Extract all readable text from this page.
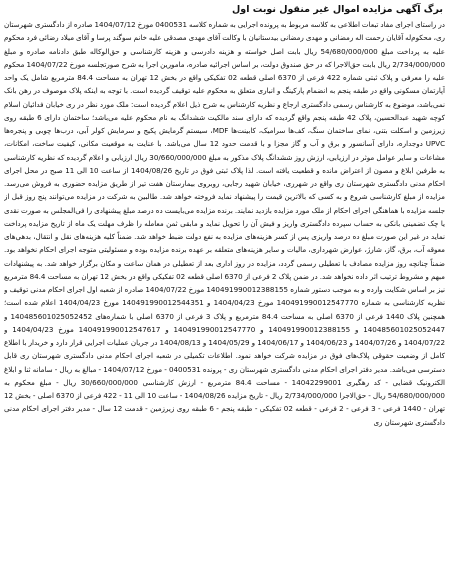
برگ آگهی مزایده اموال غیر منقول نوبت اول
در راستای اجرای مفاد تبعات اطلاعی به کلاسه مربوط به پرونده اجرایی به شماره کلاسه 0400531 مورخ 1404/07/12 صادره از دادگستری شهرستان ری، محکوم‌له آقایان رحمت اله رمضانی و مهدی رمضانی بیدستانیان با وکالت آقای مهدی مصدقی علیه خانم سوگند پرسا و آقای میلاد رضائی فرد محکوم علیه به پرداخت مبلغ 54/680/000/000 ریال بابت اصل خواسته و هزینه دادرسی و هزینه کارشناسی و حق‌الوکاله طبق دادنامه صادره و مبلغ 2/734/000/000 ریال بابت حق‌الاجرا که در حق صندوق دولت، بر اساس اجرائیه صادره، مامورین اجرا به شرح صورتجلسه مورخ 1404/07/22 محکوم علیه را معرفی و پلاک ثبتی شماره 422 فرعی از 6370 اصلی قطعه 02 تفکیکی واقع در بخش 12 تهران به مساحت 84.4 مترمربع شامل یک واحد آپارتمان مسکونی واقع در طبقه پنجم به انضمام پارکینگ و انباری متعلق به محکوم علیه توقیف گردیده است. با توجه به اینکه پلاک موصوف در رهن بانک نمی‌باشد، موضوع به کارشناس رسمی دادگستری ارجاع و نظریه کارشناس به شرح ذیل اعلام گردیده است: ملک مورد نظر در ری خیابان فدائیان اسلام کوچه شهید عبدالحسین، پلاک 42 طبقه پنجم واقع گردیده که دارای سند مالکیت ششدانگ به نام محکوم علیه می‌باشد؛ ساختمان دارای 6 طبقه روی زیرزمین و اسکلت بتنی، نمای ساختمان سنگ، کف‌ها سرامیک، کابینت‌ها MDF، سیستم گرمایش پکیج و سرمایش کولر آبی، درب‌ها چوبی و پنجره‌ها UPVC دوجداره، دارای آسانسور و برق و آب و گاز مجزا و با قدمت حدود 12 سال می‌باشد. با عنایت به موقعیت مکانی، کیفیت ساخت، امکانات، مشاعات و سایر عوامل موثر در ارزیابی، ارزش روز ششدانگ پلاک مذکور به مبلغ 30/660/000/000 ریال ارزیابی و اعلام گردیده که نظریه کارشناسی به طرفین ابلاغ و مصون از اعتراض مانده و قطعیت یافته است. لذا پلاک ثبتی فوق در تاریخ 1404/08/26 از ساعت 10 الی 11 صبح در محل اجرای احکام مدنی دادگستری شهرستان ری واقع در شهرری، خیابان شهید رجایی، روبروی بیمارستان هفت تیر از طریق مزایده حضوری به فروش می‌رسد. مزایده از مبلغ کارشناسی شروع و به کسی که بالاترین قیمت را پیشنهاد نماید فروخته خواهد شد. طالبین به شرکت در مزایده می‌توانند پنج روز قبل از جلسه مزایده با هماهنگی اجرای احکام از ملک مورد مزایده بازدید نمایند. برنده مزایده می‌بایست ده درصد مبلغ پیشنهادی را فی‌المجلس به صورت نقدی یا چک تضمینی بانکی به حساب سپرده دادگستری واریز و فیش آن را تحویل نماید و مابقی ثمن معامله را ظرف مهلت یک ماه از تاریخ مزایده پرداخت نماید در غیر این صورت مبلغ ده درصد واریزی پس از کسر هزینه‌های مزایده به نفع دولت ضبط خواهد شد. ضمناً کلیه هزینه‌های نقل و انتقال، بدهی‌های معوقه آب، برق، گاز، شارژ، عوارض شهرداری، مالیات و سایر هزینه‌های متعلقه بر عهده برنده مزایده بوده و مسئولیتی متوجه اجرای احکام نخواهد بود. ضمناً چنانچه روز مزایده مصادف با تعطیلی رسمی گردد، مزایده در روز اداری بعد از تعطیلی در همان ساعت و مکان برگزار خواهد شد. به پیشنهادات مبهم و مشروط ترتیب اثر داده نخواهد شد. در ضمن پلاک 2 فرعی از 6370 اصلی قطعه 02 تفکیکی واقع در بخش 12 تهران به مساحت 84.4 مترمربع نیز بر اساس شکایت وارده و به موجب دستور شماره 140491990012388155 مورخ 1404/07/22 صادره از شعبه اول اجرای احکام مدنی توقیف و نظریه کارشناسی به شماره 140491990012547770 مورخ 1404/04/23 و 140491990012544351 مورخ 1404/04/23 اعلام شده است؛ همچنین پلاک 1440 فرعی از 6370 اصلی به مساحت 84.4 مترمربع و پلاک 3 فرعی از 6370 اصلی با شماره‌های 140485601025052452 و 140485601025052447 و 140491990012388155 و 140491990012547770 و 140491990012547617 مورخ 1404/04/23 و 1404/07/22 و 1404/07/26 و 1404/06/23 و 1404/06/17 و 1404/05/29 و 1404/08/13 در جریان عملیات اجرایی قرار دارد و خریدار با اطلاع کامل از وضعیت حقوقی پلاک‌های فوق در مزایده شرکت خواهد نمود. اطلاعات تکمیلی در شعبه اجرای احکام مدنی دادگستری شهرستان ری قابل دسترسی می‌باشد. مدیر دفتر اجرای احکام مدنی دادگستری شهرستان ری - پرونده 0400531 - مورخ 1404/07/12 - مبالغ به ریال - سامانه ثنا و ابلاغ الکترونیک قضایی - کد رهگیری 14042299001 - مساحت 84.4 مترمربع - ارزش کارشناسی 30/660/000/000 ریال - مبلغ محکوم به 54/680/000/000 ریال - حق‌الاجرا 2/734/000/000 ریال - تاریخ مزایده 1404/08/26 - ساعت 10 الی 11 - 422 فرعی از 6370 اصلی - بخش 12 تهران - 1440 فرعی - 3 فرعی - 2 فرعی - قطعه 02 تفکیکی - طبقه پنجم - 6 طبقه روی زیرزمین - قدمت 12 سال - مدیر دفتر اجرای احکام مدنی دادگستری شهرستان ری
